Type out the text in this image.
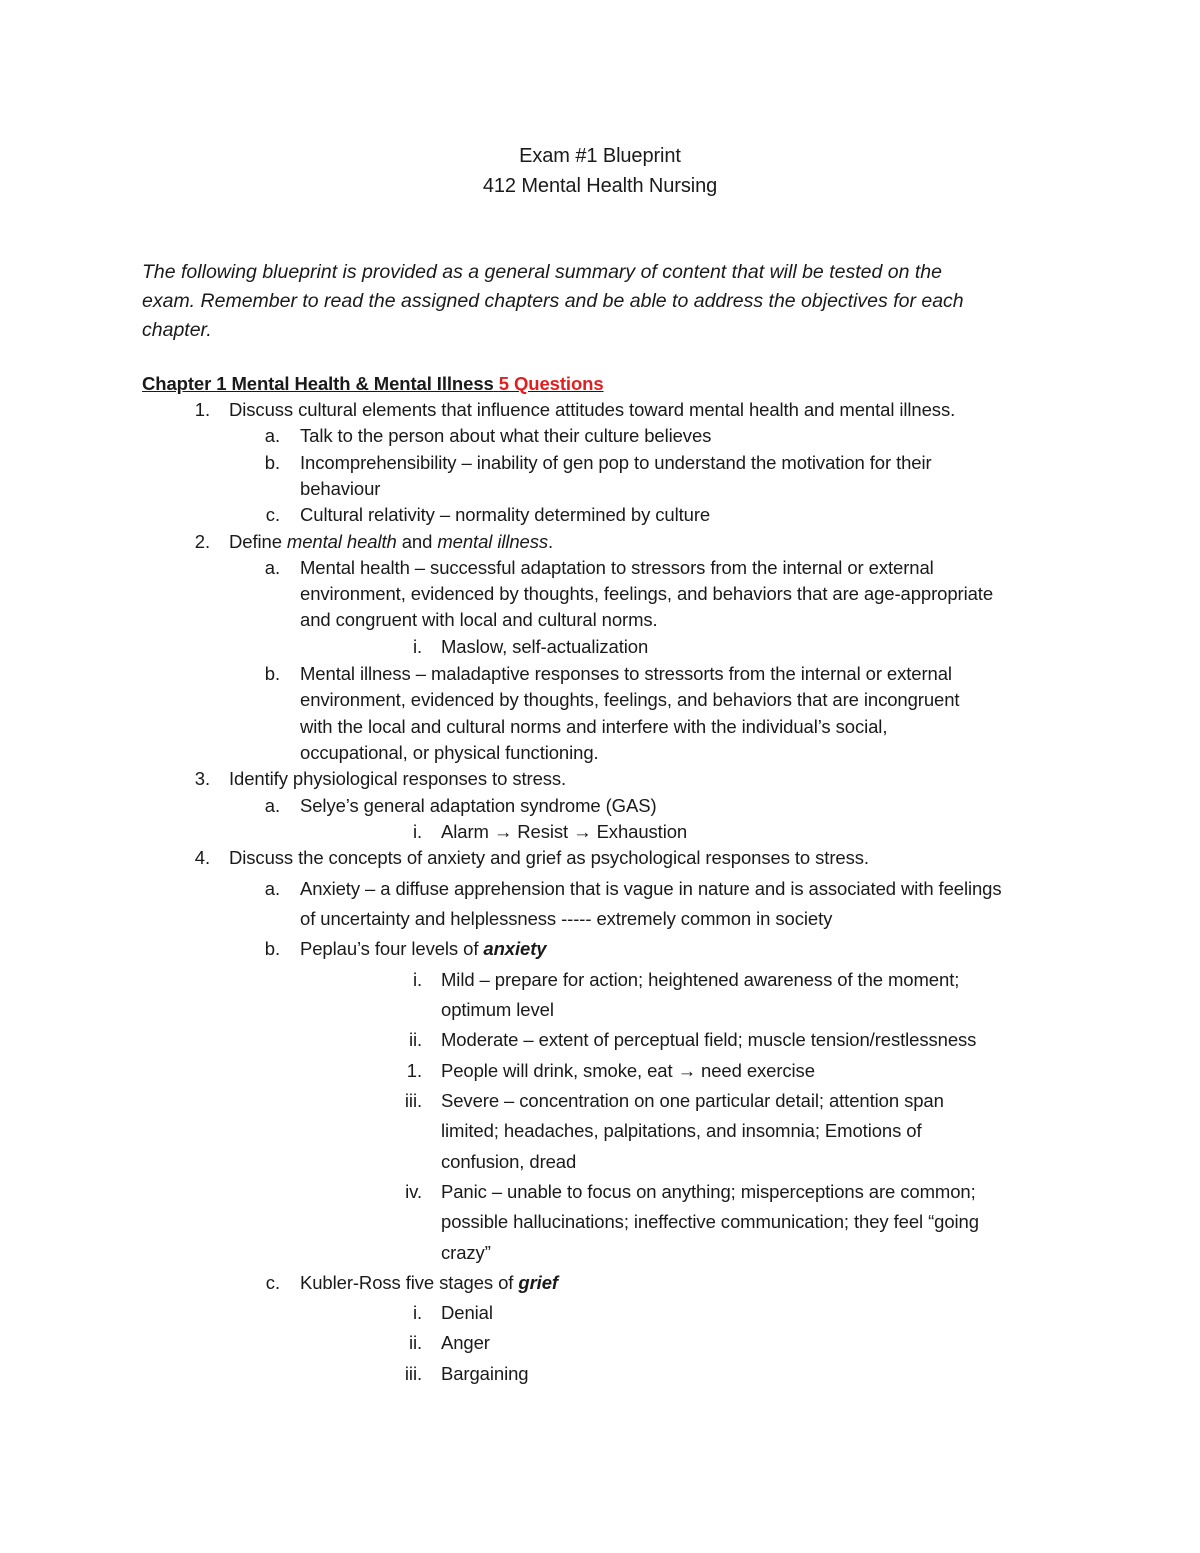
Exam #1 Blueprint
412 Mental Health Nursing
The following blueprint is provided as a general summary of content that will be tested on the
exam. Remember to read the assigned chapters and be able to address the objectives for each
chapter.
Chapter 1 Mental Health & Mental Illness 5 Questions
1. Discuss cultural elements that influence attitudes toward mental health and mental illness.
a. Talk to the person about what their culture believes
b. Incomprehensibility – inability of gen pop to understand the motivation for their
behaviour
c. Cultural relativity – normality determined by culture
2. Define mental health and mental illness.
a. Mental health – successful adaptation to stressors from the internal or external
environment, evidenced by thoughts, feelings, and behaviors that are age-appropriate
and congruent with local and cultural norms.
i. Maslow, self-actualization
b. Mental illness – maladaptive responses to stressorts from the internal or external
environment, evidenced by thoughts, feelings, and behaviors that are incongruent
with the local and cultural norms and interfere with the individual’s social,
occupational, or physical functioning.
3. Identify physiological responses to stress.
a. Selye’s general adaptation syndrome (GAS)
i. Alarm → Resist → Exhaustion
4. Discuss the concepts of anxiety and grief as psychological responses to stress.
a. Anxiety – a diffuse apprehension that is vague in nature and is associated with feelings
of uncertainty and helplessness ----- extremely common in society
b. Peplau’s four levels of anxiety
i. Mild – prepare for action; heightened awareness of the moment;
optimum level
ii. Moderate – extent of perceptual field; muscle tension/restlessness
1. People will drink, smoke, eat → need exercise
iii. Severe – concentration on one particular detail; attention span
limited; headaches, palpitations, and insomnia; Emotions of
confusion, dread
iv. Panic – unable to focus on anything; misperceptions are common;
possible hallucinations; ineffective communication; they feel “going
crazy”
c. Kubler-Ross five stages of grief
i. Denial
ii. Anger
iii. Bargaining
